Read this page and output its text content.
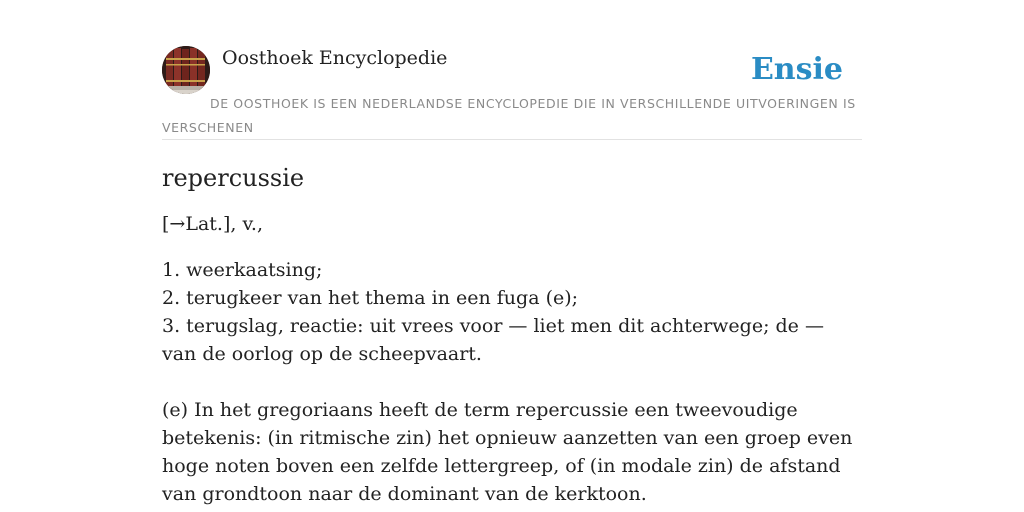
Oosthoek Encyclopedie	Ensie
DE OOSTHOEK IS EEN NEDERLANDSE ENCYCLOPEDIE DIE IN VERSCHILLENDE UITVOERINGEN IS VERSCHENEN
repercussie
[→Lat.], v.,
1. weerkaatsing;
2. terugkeer van het thema in een fuga (e);
3. terugslag, reactie: uit vrees voor — liet men dit achterwege; de — van de oorlog op de scheepvaart.
(e) In het gregoriaans heeft de term repercussie een tweevoudige betekenis: (in ritmische zin) het opnieuw aanzetten van een groep even hoge noten boven een zelfde lettergreep, of (in modale zin) de afstand van grondtoon naar de dominant van de kerktoon.
